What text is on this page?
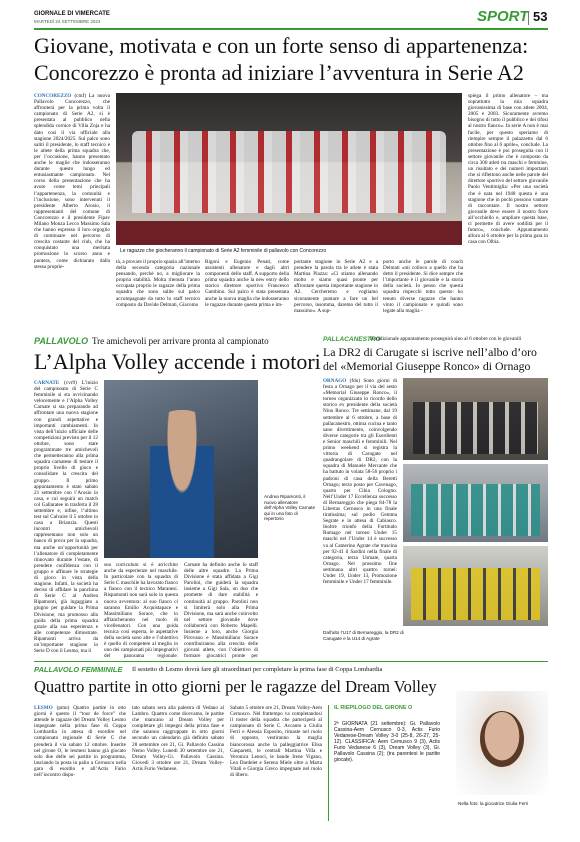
GIORNALE DI VIMERCATE
MARTEDÌ 24 SETTEMBRE 2024	SPORT 53
Giovane, motivata e con un forte senso di appartenenza:
Concorezzo è pronta ad iniziare l’avventura in Serie A2
CONCOREZZO (cmf) La nuova Pallavolo Concorezzo, che affronterà per la prima volta il campionato di Serie A2, si è presentata al pubblico nella splendida cornice di Villa Zoja e ha dato così il via ufficiale alla stagione 2024/2025. Sul palco sono saliti il presidente, lo staff tecnico e le atlete della prima squadra che, per l’occasione, hanno presentato anche le maglie che indosseranno durante questo lungo ed entusiasmante campionato. Nel corso della presentazione che ha avuto come temi principali l’appartenenza, la comunità e l’inclusione, sono intervenuti il presidente Alberto Arosio, il rappresentanti del comune di Concorezzo e il presidente Fipav Milano Monza Lecco Massimo Sala che hanno espresso il loro orgoglio di continuare nel percorso di crescita costante del club, che ha conquistato una meritata promozione lo scorso anno e puntera, come dichiarato dalla stessa proprie-
Le ragazze che giocheranno il campionato di Serie A2 femminile di pallavolo con Concorezzo
tà, a provare il proprio spazio all’interno della seconda categoria nazionale pensando, perché no, a migliorare la propria stabilità. Molta ritenuta l’anno occupata proprio le ragazze della prima squadra che sono salite sul palco accompagnate da tutto lo staff tecnico composto da Davide Delmati, Giacomo
Rigoni e Eugenio Penati, come assistenti allenatore e dagli altri componenti dello staff. A supporto della prima squadra anche la new entry dello storico direttore sportivo Francesco Gambino. Sul palco è stata presentata anche la nuova maglia che indosseranno le ragazze durante questa prima e im-
portante stagione in Serie A2 e a prendere la parola tra le atlete è stata Martina Piazza: «Ci stiamo allenando molto e siamo quasi pronte per affrontare questa importante stagione in A2. Cercheremo e vogliamo sicuramente puntare a fare un bel percorso, insomma, daremo del tutto il massimo». A sup-
porto anche le parole di coach Delmati «mi colloco a quello che ha detto il presidente. Si dice sempre che l’importante è il giovanile e la storia della società. Io penso che questa squadra rispecchi tutto questo: ho tenuto diverse ragazze che hanno vinto il campionato e quindi sono legate alla maglia -
spiega il primo allenatore – ma soprattutto la mia squadra giovanissima di base con atlete 2004, 2005 e 2003. Sicuramente avremo bisogno di tutto il pubblico e dei tifosi al nostro fianco». In serie A non è mai facile, per questo speriamo di riempire sempre il palazzetto dal 6 ottobre fino al 6 aprile», conclude. La presentazione è poi proseguita con il settore giovanile che è composto da circa 300 atleti tra maschi e femmine, un risultato e dei numeri importanti che si riflettono anche nelle parole del direttore sportivo del settore giovanile Paolo Ventimiglia: «Per una società che è nata nel 1948 questa è una stagione che in pochi possono vantare di raccontare. Il nostro settore giovanile deve essere il nostro fiore all’occhiello e, ampliare questa base, ci permette di avere sodilità per il futuro», conclude. Appuntamento allora al 6 ottobre per la prima gara in casa con Olbia.
PALLAVOLO Tre amichevoli per arrivare pronta al campionato
L’Alpha Volley accende i motori
CARNATE (cvr9) L’inizio del campionato di Serie C femminile si sta avvicinando velocemente e l’Alpha Volley Carnate si sta preparando ad affrontare una nuova stagione con grandi aspettative e importanti cambiamenti. In vista dell’inizio ufficiale delle competizioni previsto per il 12 ottobre, sono state programmate tre amichevoli che permetteranno alla prima squadra carnatese di testare il proprio livello di gioco e consolidare la crescita del gruppo. Il primo appuntamento è stato sabato 21 settembre con l’Arosio in casa, e cui seguirà un match col Gallaratee in trasferta il 28 settembre e, infine, l’ultimo test sul Calvaire il 5 ottobre in casa a Brianzia. Questi incontri amichevoli rappresentano non solo un banco di prova per la squadra, ma anche un’opportunità per l’allenatore di completamente rinnovato durante l’estate, di prendere confidenza con il gruppo e affinare le strategie di gioco in vista della stagione. Infatti, la società ha deciso di affidare la panchina di Serie C al Andrea Ripamonti, già ingaggiato a giugno per guidare la Prima Divisione, ma promosso alla guida della prima squadra grazie alla sua esperienza e alle competenze dimostrate. Ripamonti arriva da un’importante stagione in Serie D con il Lesmo, ma il
Andrea Ripamonti, il nuovo allenatore dell’Alpha Volley Carnate qui in una foto di repertorio
suo curriculum si è arricchito anche da esperienze nel maschile. In particolare con la squadra di Serie C maschile ha lavorato fianco a fianco con il tecnico Maranesi. Rispamonti non sarà solo in questa nuova avventura: al suo fianco ci saranno Emilio Acquistapace e Massimiliano Sorace, che lo affiancheranno nel ruolo di vicellenatori. Con una guida tecnica così esperta, le aspettative della società sono alte e l’obiettivo è quello di competere al meglio in uno dei campionati più impegnativi del panorama regionale.
Carnate ha definito anche lo staff delle altre squadre. La Prima Divisione è stata affidata a Gigi Parolini, che guiderà la squadra insieme a Gigi Sala, un duo che promette di dare stabilità e continuità al gruppo. Parolini non si limiterà solo alla Prima Divisione, ma sarà anche coinvolto nel settore giovanile dove collaborerà con Roberto Mapelli. Insieme a loro, anche Giorgia Pirovano e Massimiliano Sorace contribuiranno alla crescita delle giovani atlete, con l’obiettivo di formare giocatrici pronte per
PALLACANESTRO
Il tradizionale appuntamento proseguirà sino al 6 ottobre con le giovanili
La DR2 di Carugate si iscrive nell’albo d’oro
del «Memorial Giuseppe Ronco» di Ornago
ORNAGO (fdu) Sono giorni di festa a Ornago per il via del sesto «Memorial Giuseppe Ronco», il torneo organizzato in ricordo dello storico ex presidente della società Nino Ronco. Tre settimane, dal 19 settembre al 6 ottobre, a base di pallacanestro, ottima cucina e tanto sano divertimento, coinvolgendo diverse categorie tra gli Esordienti e Senior maschili e femminili. Nel primo weekend si registra la vittoria di Carugate nel quadrangolare di DR2, con la squadra di Manuele Mercante che ha battuto in volata 58-56 proprio i padroni di casa della Beretti Ornago; terzo posto per Cavenago, quarto per Cibia Cologno. Nell’Under 17 Eccellenza successo di Bernareggio che piega 84-78 la Libertas Cernusco in una finale tiratissima; sul podio Gemma Segrate e in attesa di Cabiasco. Inoltre trionfo della Fortitudo Rumago nel torneo Under 15 maschi nel l’Under 14 è successo va al Camerino Agrate che trascina per 92-41 il Sardini nella finale di categoria, terza Usmate, quarta Ornago. Nel prossimo fine settimana altri quattro tornei: Under 19, Under 13, Promozione femminile e Under 17 femminile.
Dall’alto l’U17 di Bernareggio, la DR2 di Carugate e la U14 di Agrate
PALLAVOLO FEMMINILE Il sestetto di Lesmo dovrà fare gli straordinari per completare la prima fase di Coppa Lombardia
Quattro partite in otto giorni per le ragazze del Dream Volley
LESMO (pmu) Quattro partite in otto giorni è questo il “tour de force” che attende le ragazze del Dream Volley Lesmo impegnate nella prima fase di Coppa Lombardia in attesa di esordire nel campionato regionale di Serie C che prenderà il via sabato 12 ottobre. Inserite nel girone O, le lesmesi hanno già giocato solo due delle sei partite in programma, lasciando la posta in palio a Cernusco nella gara di esordio e all’Actis Furio nell’incontro dispu-
tato sabato sera alla palestra di Vedano al Lambro. Quattro come dicevamo, le partite che mancano al Dream Volley per completare gli impegni della prima fase e che saranno raggruppate in otto giorni secondo un calendario già definito sabato 28 settembre ore 21, Gi. Pallavolo Cassina Nemo Volley. Lunedì 30 settembre ore 21, Dream Volley-Gi. Pallavolo Cassina. Giovedì 3 ottobre ore 21, Dream Volley-Actis Furio Vedanese.
Sabato 5 ottobre ore 21, Dream Volley-Aem Cernusco. Nel frattempo va completandosi il roster della squadra che parteciperà al campionato di Serie C. Accanto a Giulia Ferri e Alessia Esposito, rimaste nel ruolo di opposto, vestiranno la maglia biancorossa anche la palleggiatrice Elisa Gasparetti, le centrali Martina Villa e Veronica Lenoci, le bande Irene Vigano, Lea Dardelet e Serena Miele oltre a Marta Vitali e Giorgia Greco impegnate nel ruolo di libero.
IL RIEPILOGO DEL GIRONE O
2ª GIORNATA (21 settembre): Gi. Pallavolo Cassina-Aem Cernusco 0-3, Actis Furio Vedanese-Dream Volley 3-0 (25-8, 26-27, 25-12). CLASSIFICA: Aem Cernusco 9 (3), Actis Furio Vedanese 6 (3), Dream Volley (3), Gi. Pallavolo Cassina (2); (tra parentesi le partite giocate).
Nella foto: la giocatrice Giulia Ferri
